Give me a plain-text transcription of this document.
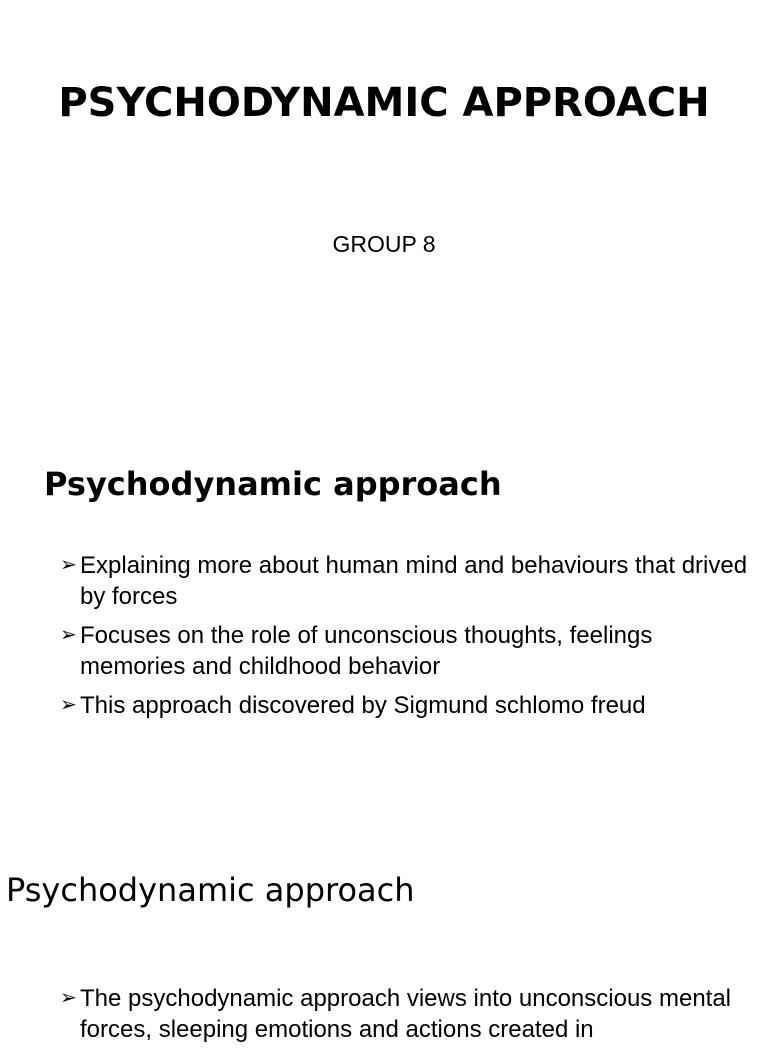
PSYCHODYNAMIC APPROACH
GROUP 8
Psychodynamic approach
➢ Explaining more about human mind and behaviours that drived by forces
➢ Focuses on the role of unconscious thoughts, feelings memories and childhood behavior
➢ This approach discovered by Sigmund schlomo freud
Psychodynamic approach
➢ The psychodynamic approach views into unconscious mental forces, sleeping emotions and actions created in
